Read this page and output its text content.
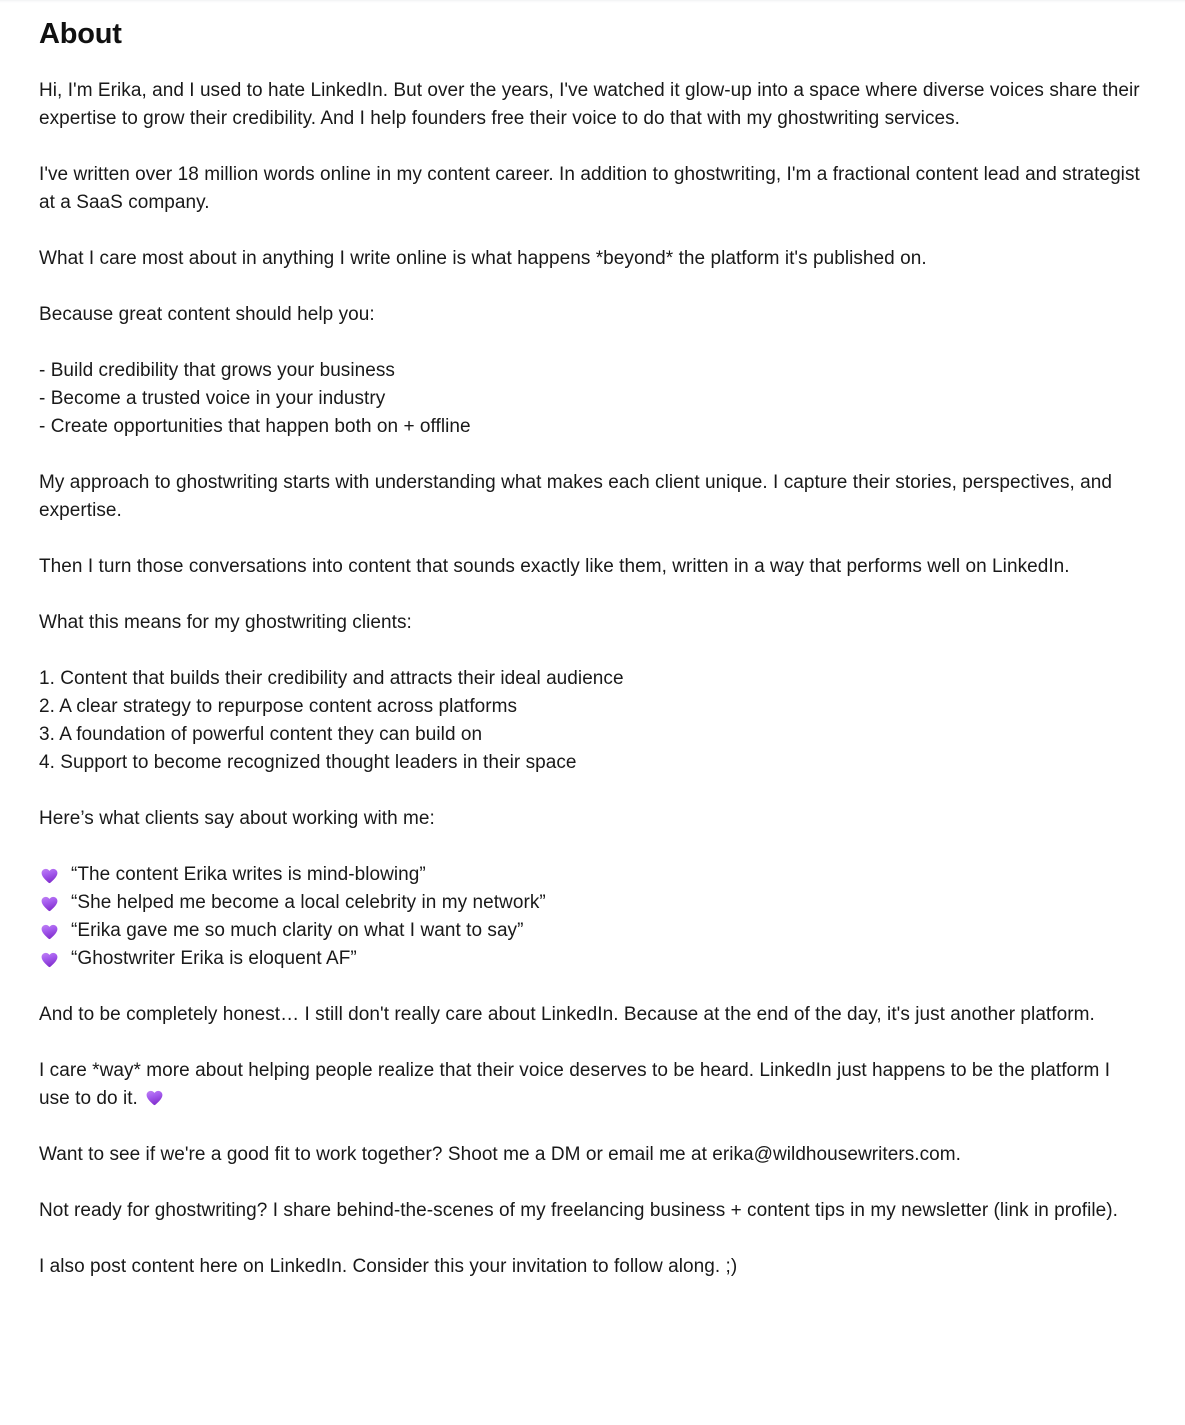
About

Hi, I'm Erika, and I used to hate LinkedIn. But over the years, I've watched it glow-up into a space where diverse voices share their expertise to grow their credibility. And I help founders free their voice to do that with my ghostwriting services.

I've written over 18 million words online in my content career. In addition to ghostwriting, I'm a fractional content lead and strategist at a SaaS company.

What I care most about in anything I write online is what happens *beyond* the platform it's published on.

Because great content should help you:

- Build credibility that grows your business

- Become a trusted voice in your industry

- Create opportunities that happen both on + offline

My approach to ghostwriting starts with understanding what makes each client unique. I capture their stories, perspectives, and expertise.

Then I turn those conversations into content that sounds exactly like them, written in a way that performs well on LinkedIn.

What this means for my ghostwriting clients:

1. Content that builds their credibility and attracts their ideal audience

2. A clear strategy to repurpose content across platforms

3. A foundation of powerful content they can build on

4. Support to become recognized thought leaders in their space

Here’s what clients say about working with me:

“The content Erika writes is mind-blowing”
“She helped me become a local celebrity in my network”
“Erika gave me so much clarity on what I want to say”
“Ghostwriter Erika is eloquent AF”

And to be completely honest… I still don't really care about LinkedIn. Because at the end of the day, it's just another platform.

I care *way* more about helping people realize that their voice deserves to be heard. LinkedIn just happens to be the platform I use to do it.

Want to see if we're a good fit to work together? Shoot me a DM or email me at erika@wildhousewriters.com.

Not ready for ghostwriting? I share behind-the-scenes of my freelancing business + content tips in my newsletter (link in profile).

I also post content here on LinkedIn. Consider this your invitation to follow along. ;)
